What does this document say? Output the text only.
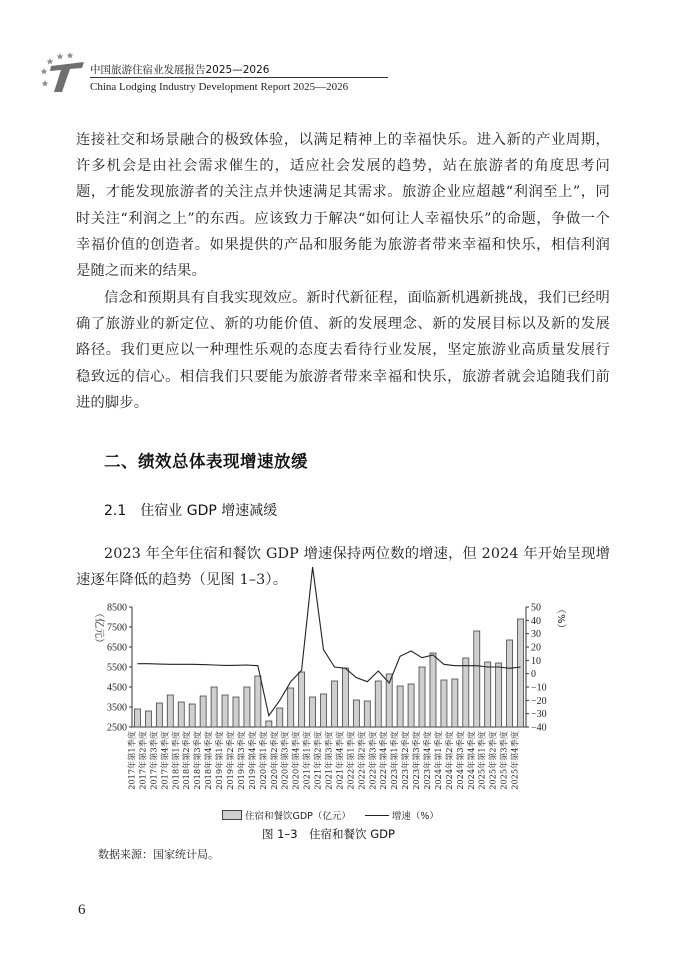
中国旅游住宿业发展报告2025—2026
China Lodging Industry Development Report 2025—2026

连接社交和场景融合的极致体验，以满足精神上的幸福快乐。进入新的产业周期，许多机会是由社会需求催生的，适应社会发展的趋势，站在旅游者的角度思考问题，才能发现旅游者的关注点并快速满足其需求。旅游企业应超越“利润至上”，同时关注“利润之上”的东西。应该致力于解决“如何让人幸福快乐”的命题，争做一个幸福价值的创造者。如果提供的产品和服务能为旅游者带来幸福和快乐，相信利润是随之而来的结果。

信念和预期具有自我实现效应。新时代新征程，面临新机遇新挑战，我们已经明确了旅游业的新定位、新的功能价值、新的发展理念、新的发展目标以及新的发展路径。我们更应以一种理性乐观的态度去看待行业发展，坚定旅游业高质量发展行稳致远的信心。相信我们只要能为旅游者带来幸福和快乐，旅游者就会追随我们前进的脚步。

二、绩效总体表现增速放缓
2.1　住宿业 GDP 增速减缓

2023 年全年住宿和餐饮 GDP 增速保持两位数的增速，但 2024 年开始呈现增速逐年降低的趋势（见图 1–3）。

8500
7500
6500
5500
4500
3500
2500
50
40
30
20
10
0
−10
−20
−30
−40
（亿元）	（%）
2017年第1季度 2017年第2季度 2017年第3季度 2017年第4季度 2018年第1季度 2018年第2季度 2018年第3季度 2018年第4季度 2019年第1季度 2019年第2季度 2019年第3季度 2019年第4季度 2020年第1季度 2020年第2季度 2020年第3季度 2020年第4季度 2021年第1季度 2021年第2季度 2021年第3季度 2021年第4季度 2022年第1季度 2022年第2季度 2022年第3季度 2022年第4季度 2023年第1季度 2023年第2季度 2023年第3季度 2023年第4季度 2024年第1季度 2024年第2季度 2024年第3季度 2024年第4季度 2025年第1季度 2025年第2季度 2025年第3季度 2025年第4季度
住宿和餐饮GDP（亿元）	增速（%）
图 1–3　住宿和餐饮 GDP
数据来源：国家统计局。
6
